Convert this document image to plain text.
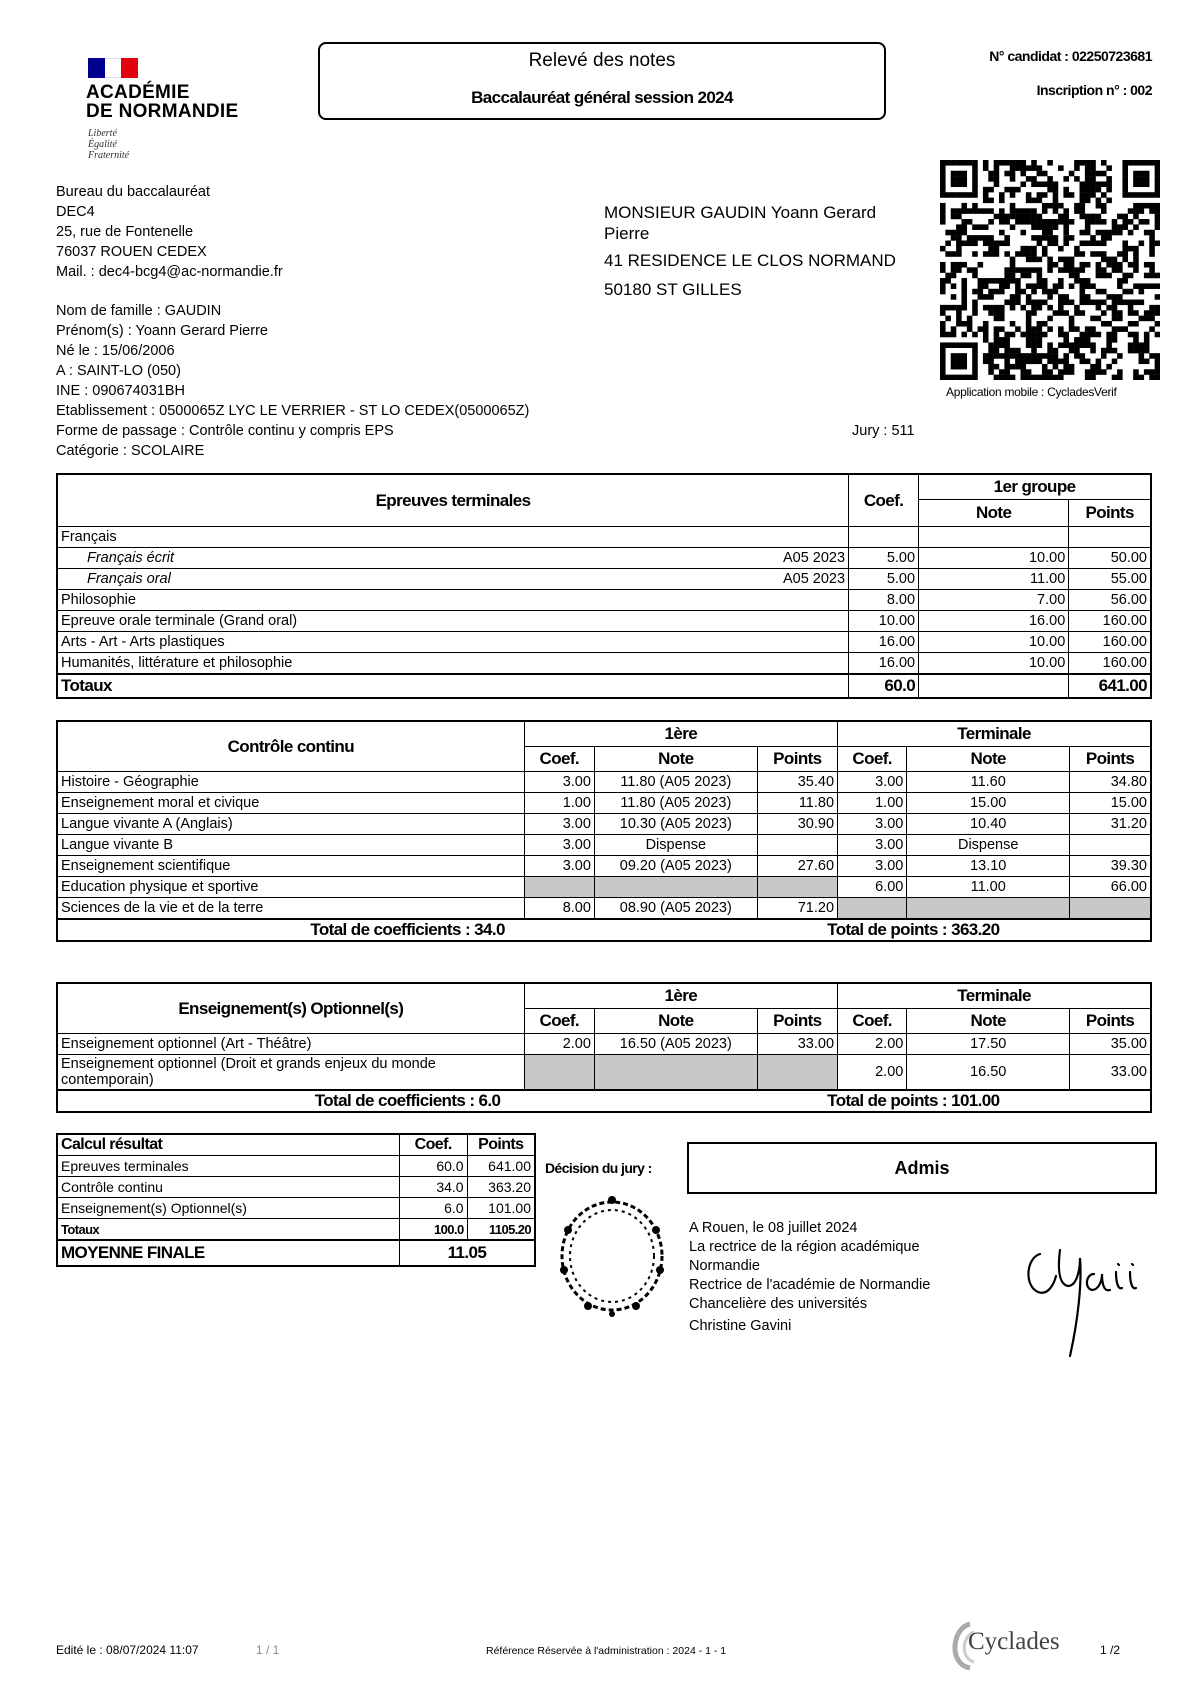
ACADÉMIE
DE NORMANDIE
Liberté
Égalité
Fraternité
Relevé des notes
Baccalauréat général session 2024
N° candidat : 02250723681
Inscription n° : 002
Bureau du baccalauréat
DEC4
25, rue de Fontenelle
76037 ROUEN CEDEX
Mail. : dec4-bcg4@ac-normandie.fr
MONSIEUR GAUDIN Yoann Gerard
Pierre
41 RESIDENCE LE CLOS NORMAND
50180 ST GILLES
Application mobile : CycladesVerif
Nom de famille : GAUDIN
Prénom(s) : Yoann Gerard Pierre
Né le : 15/06/2006
A : SAINT-LO (050)
INE : 090674031BH
Etablissement : 0500065Z LYC LE VERRIER - ST LO CEDEX(0500065Z)
Forme de passage : Contrôle continu y compris EPS
Catégorie : SCOLAIRE
Jury : 511
Epreuves terminales	Coef.	1er groupe	
		Note	Points
Français			
Français écrit A05 2023	5.00	10.00	50.00
Français oral A05 2023	5.00	11.00	55.00
Philosophie	8.00	7.00	56.00
Epreuve orale terminale (Grand oral)	10.00	16.00	160.00
Arts - Art - Arts plastiques	16.00	10.00	160.00
Humanités, littérature et philosophie	16.00	10.00	160.00
Totaux	60.0		641.00
Contrôle continu	1ère			Terminale		
	Coef.	Note	Points	Coef.	Note	Points
Histoire - Géographie	3.00	11.80 (A05 2023)	35.40	3.00	11.60	34.80
Enseignement moral et civique	1.00	11.80 (A05 2023)	11.80	1.00	15.00	15.00
Langue vivante A (Anglais)	3.00	10.30 (A05 2023)	30.90	3.00	10.40	31.20
Langue vivante B	3.00	Dispense		3.00	Dispense	
Enseignement scientifique	3.00	09.20 (A05 2023)	27.60	3.00	13.10	39.30
Education physique et sportive				6.00	11.00	66.00
Sciences de la vie et de la terre	8.00	08.90 (A05 2023)	71.20			
Total de coefficients : 34.0			Total de points : 363.20			
Enseignement(s) Optionnel(s)	1ère			Terminale		
	Coef.	Note	Points	Coef.	Note	Points
Enseignement optionnel (Art - Théâtre)	2.00	16.50 (A05 2023)	33.00	2.00	17.50	35.00
Enseignement optionnel (Droit et grands enjeux du monde contemporain)				2.00	16.50	33.00
Total de coefficients : 6.0			Total de points : 101.00			
Calcul résultat	Coef.	Points
Epreuves terminales	60.0	641.00
Contrôle continu	34.0	363.20
Enseignement(s) Optionnel(s)	6.0	101.00
Totaux	100.0	1105.20
MOYENNE FINALE	11.05	
Décision du jury :	Admis
A Rouen, le 08 juillet 2024
La rectrice de la région académique
Normandie
Rectrice de l'académie de Normandie
Chancelière des universités
Christine Gavini
Edité le : 08/07/2024 11:07	1 / 1	Référence Réservée à l'administration : 2024 - 1 - 1	Cyclades	1 /2
